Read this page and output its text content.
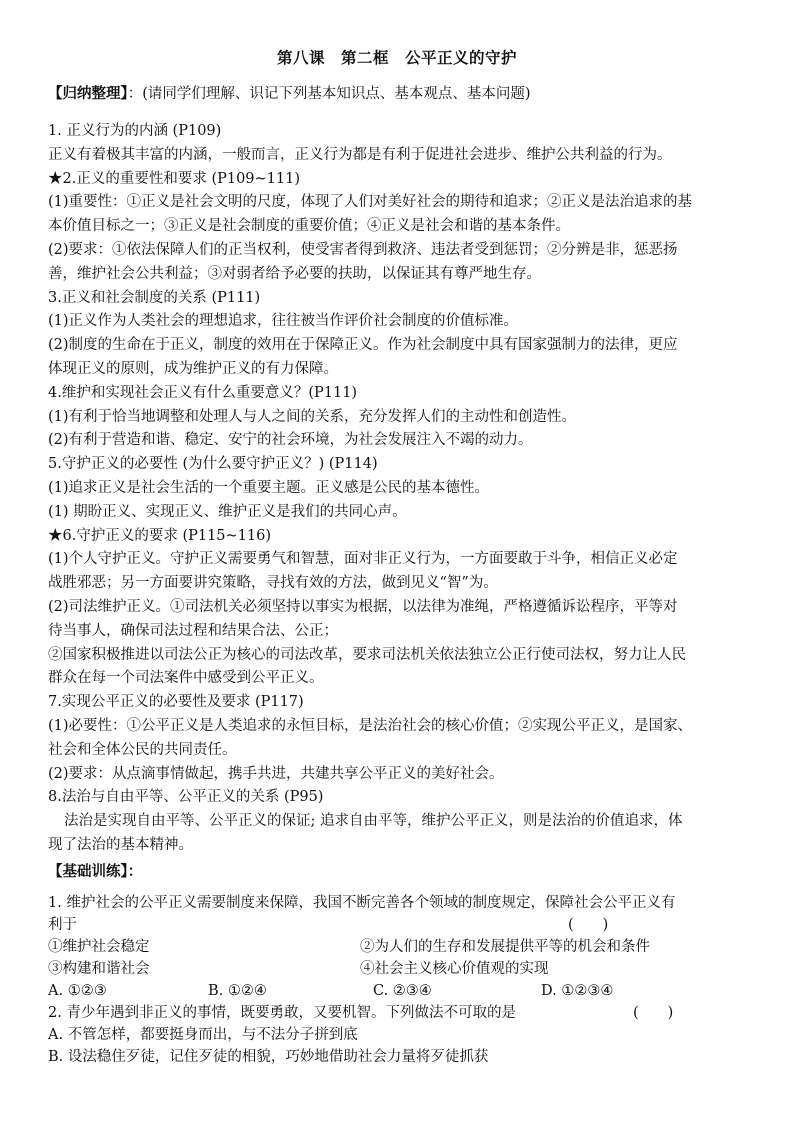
第八课　第二框　公平正义的守护
【归纳整理】：(请同学们理解、识记下列基本知识点、基本观点、基本问题)
1. 正义行为的内涵 (P109)
正义有着极其丰富的内涵，一般而言，正义行为都是有利于促进社会进步、维护公共利益的行为。
★2.正义的重要性和要求 (P109~111)
(1)重要性：①正义是社会文明的尺度，体现了人们对美好社会的期待和追求；②正义是法治追求的基
本价值目标之一；③正义是社会制度的重要价值；④正义是社会和谐的基本条件。
(2)要求：①依法保障人们的正当权利，使受害者得到救济、违法者受到惩罚；②分辨是非，惩恶扬
善，维护社会公共利益；③对弱者给予必要的扶助，以保证其有尊严地生存。
3.正义和社会制度的关系 (P111)
(1)正义作为人类社会的理想追求，往往被当作评价社会制度的价值标准。
(2)制度的生命在于正义，制度的效用在于保障正义。作为社会制度中具有国家强制力的法律，更应
体现正义的原则，成为维护正义的有力保障。
4.维护和实现社会正义有什么重要意义？(P111)
(1)有利于恰当地调整和处理人与人之间的关系，充分发挥人们的主动性和创造性。
(2)有利于营造和谐、稳定、安宁的社会环境，为社会发展注入不竭的动力。
5.守护正义的必要性 (为什么要守护正义？) (P114)
(1)追求正义是社会生活的一个重要主题。正义感是公民的基本德性。
(1) 期盼正义、实现正义、维护正义是我们的共同心声。
★6.守护正义的要求 (P115~116)
(1)个人守护正义。守护正义需要勇气和智慧，面对非正义行为，一方面要敢于斗争，相信正义必定
战胜邪恶；另一方面要讲究策略，寻找有效的方法，做到见义“智”为。
(2)司法维护正义。①司法机关必须坚持以事实为根据，以法律为准绳，严格遵循诉讼程序，平等对
待当事人，确保司法过程和结果合法、公正；
②国家积极推进以司法公正为核心的司法改革，要求司法机关依法独立公正行使司法权，努力让人民
群众在每一个司法案件中感受到公平正义。
7.实现公平正义的必要性及要求 (P117)
(1)必要性：①公平正义是人类追求的永恒目标，是法治社会的核心价值；②实现公平正义，是国家、
社会和全体公民的共同责任。
(2)要求：从点滴事情做起，携手共进，共建共享公平正义的美好社会。
8.法治与自由平等、公平正义的关系 (P95)
法治是实现自由平等、公平正义的保证; 追求自由平等，维护公平正义，则是法治的价值追求，体
现了法治的基本精神。
【基础训练】：
1. 维护社会的公平正义需要制度来保障，我国不断完善各个领域的制度规定，保障社会公平正义有
利于	(　　)
①维护社会稳定	②为人们的生存和发展提供平等的机会和条件
③构建和谐社会	④社会主义核心价值观的实现
A. ①②③	B. ①②④	C. ②③④	D. ①②③④
2. 青少年遇到非正义的事情，既要勇敢，又要机智。下列做法不可取的是	(　　)
A. 不管怎样，都要挺身而出，与不法分子拼到底
B. 设法稳住歹徒，记住歹徒的相貌，巧妙地借助社会力量将歹徒抓获
